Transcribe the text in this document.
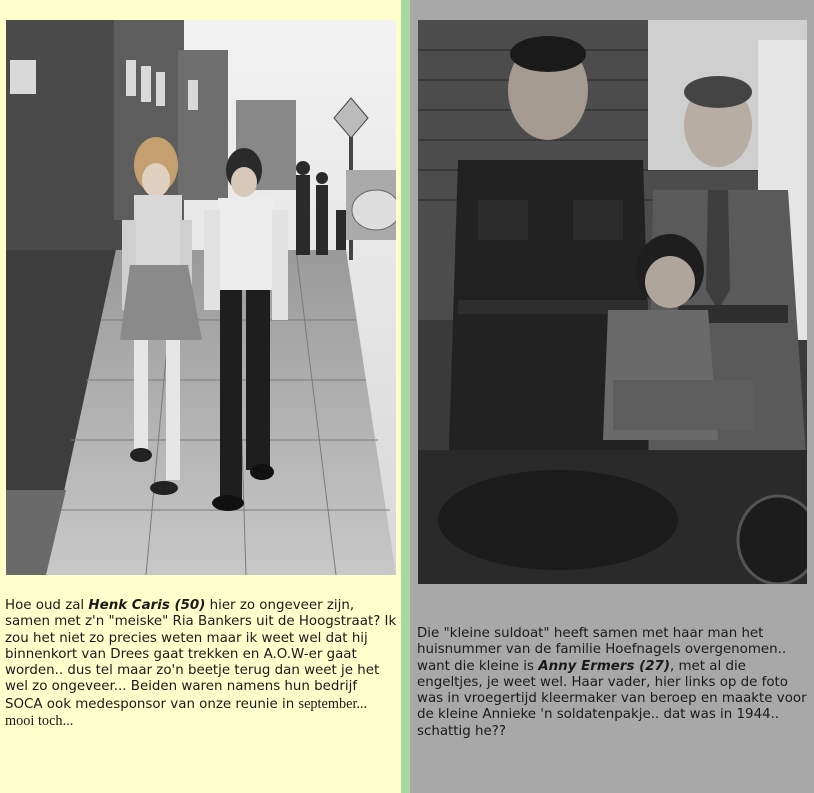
Hoe oud zal Henk Caris (50) hier zo ongeveer zijn, samen met z'n "meiske" Ria Bankers uit de Hoogstraat? Ik zou het niet zo precies weten maar ik weet wel dat hij binnenkort van Drees gaat trekken en A.O.W-er gaat worden.. dus tel maar zo'n beetje terug dan weet je het wel zo ongeveer... Beiden waren namens hun bedrijf SOCA ook medesponsor van onze reunie in september... mooi toch...

Die "kleine suldoat" heeft samen met haar man het huisnummer van de familie Hoefnagels overgenomen.. want die kleine is Anny Ermers (27), met al die engeltjes, je weet wel. Haar vader, hier links op de foto was in vroegertijd kleermaker van beroep en maakte voor de kleine Annieke 'n soldatenpakje.. dat was in 1944.. schattig he??
